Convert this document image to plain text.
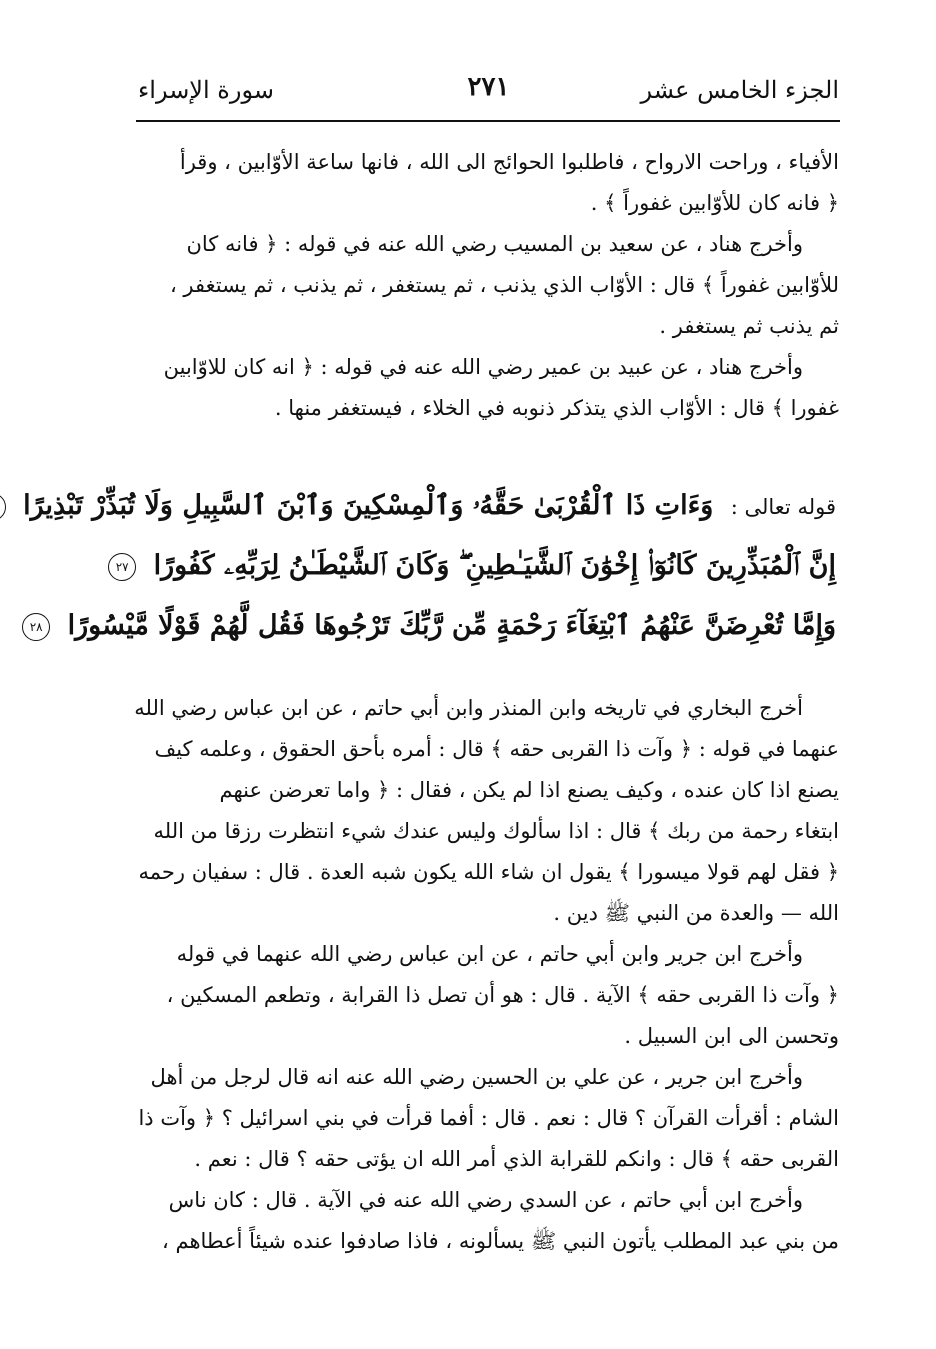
الجزء الخامس عشر
٢٧١
سورة الإسراء
الأفياء ، وراحت الارواح ، فاطلبوا الحوائج الى الله ، فانها ساعة الأوّابين ، وقرأ
﴿ فانه كان للأوّابين غفوراً ﴾ .
وأخرج هناد ، عن سعيد بن المسيب رضي الله عنه في قوله : ﴿ فانه كان
للأوّابين غفوراً ﴾ قال : الأوّاب الذي يذنب ، ثم يستغفر ، ثم يذنب ، ثم يستغفر ،
ثم يذنب ثم يستغفر .
وأخرج هناد ، عن عبيد بن عمير رضي الله عنه في قوله : ﴿ انه كان للاوّابين
غفورا ﴾ قال : الأوّاب الذي يتذكر ذنوبه في الخلاء ، فيستغفر منها .
قوله تعالى : وَءَاتِ ذَا ٱلْقُرْبَىٰ حَقَّهُۥ وَٱلْمِسْكِينَ وَٱبْنَ ٱلسَّبِيلِ وَلَا تُبَذِّرْ تَبْذِيرًا
إِنَّ ٱلْمُبَذِّرِينَ كَانُوٓا۟ إِخْوَٰنَ ٱلشَّيَـٰطِينِ ۖ وَكَانَ ٱلشَّيْطَـٰنُ لِرَبِّهِۦ كَفُورًا ٢٧
وَإِمَّا تُعْرِضَنَّ عَنْهُمُ ٱبْتِغَآءَ رَحْمَةٍ مِّن رَّبِّكَ تَرْجُوهَا فَقُل لَّهُمْ قَوْلًا مَّيْسُورًا ٢٨
أخرج البخاري في تاريخه وابن المنذر وابن أبي حاتم ، عن ابن عباس رضي الله
عنهما في قوله : ﴿ وآت ذا القربى حقه ﴾ قال : أمره بأحق الحقوق ، وعلمه كيف
يصنع اذا كان عنده ، وكيف يصنع اذا لم يكن ، فقال : ﴿ واما تعرضن عنهم
ابتغاء رحمة من ربك ﴾ قال : اذا سألوك وليس عندك شيء انتظرت رزقا من الله
﴿ فقل لهم قولا ميسورا ﴾ يقول ان شاء الله يكون شبه العدة . قال : سفيان رحمه
الله — والعدة من النبي ﷺ دين .
وأخرج ابن جرير وابن أبي حاتم ، عن ابن عباس رضي الله عنهما في قوله
﴿ وآت ذا القربى حقه ﴾ الآية . قال : هو أن تصل ذا القرابة ، وتطعم المسكين ،
وتحسن الى ابن السبيل .
وأخرج ابن جرير ، عن علي بن الحسين رضي الله عنه انه قال لرجل من أهل
الشام : أقرأت القرآن ؟ قال : نعم . قال : أفما قرأت في بني اسرائيل ؟ ﴿ وآت ذا
القربى حقه ﴾ قال : وانكم للقرابة الذي أمر الله ان يؤتى حقه ؟ قال : نعم .
وأخرج ابن أبي حاتم ، عن السدي رضي الله عنه في الآية . قال : كان ناس
من بني عبد المطلب يأتون النبي ﷺ يسألونه ، فاذا صادفوا عنده شيئاً أعطاهم ،
